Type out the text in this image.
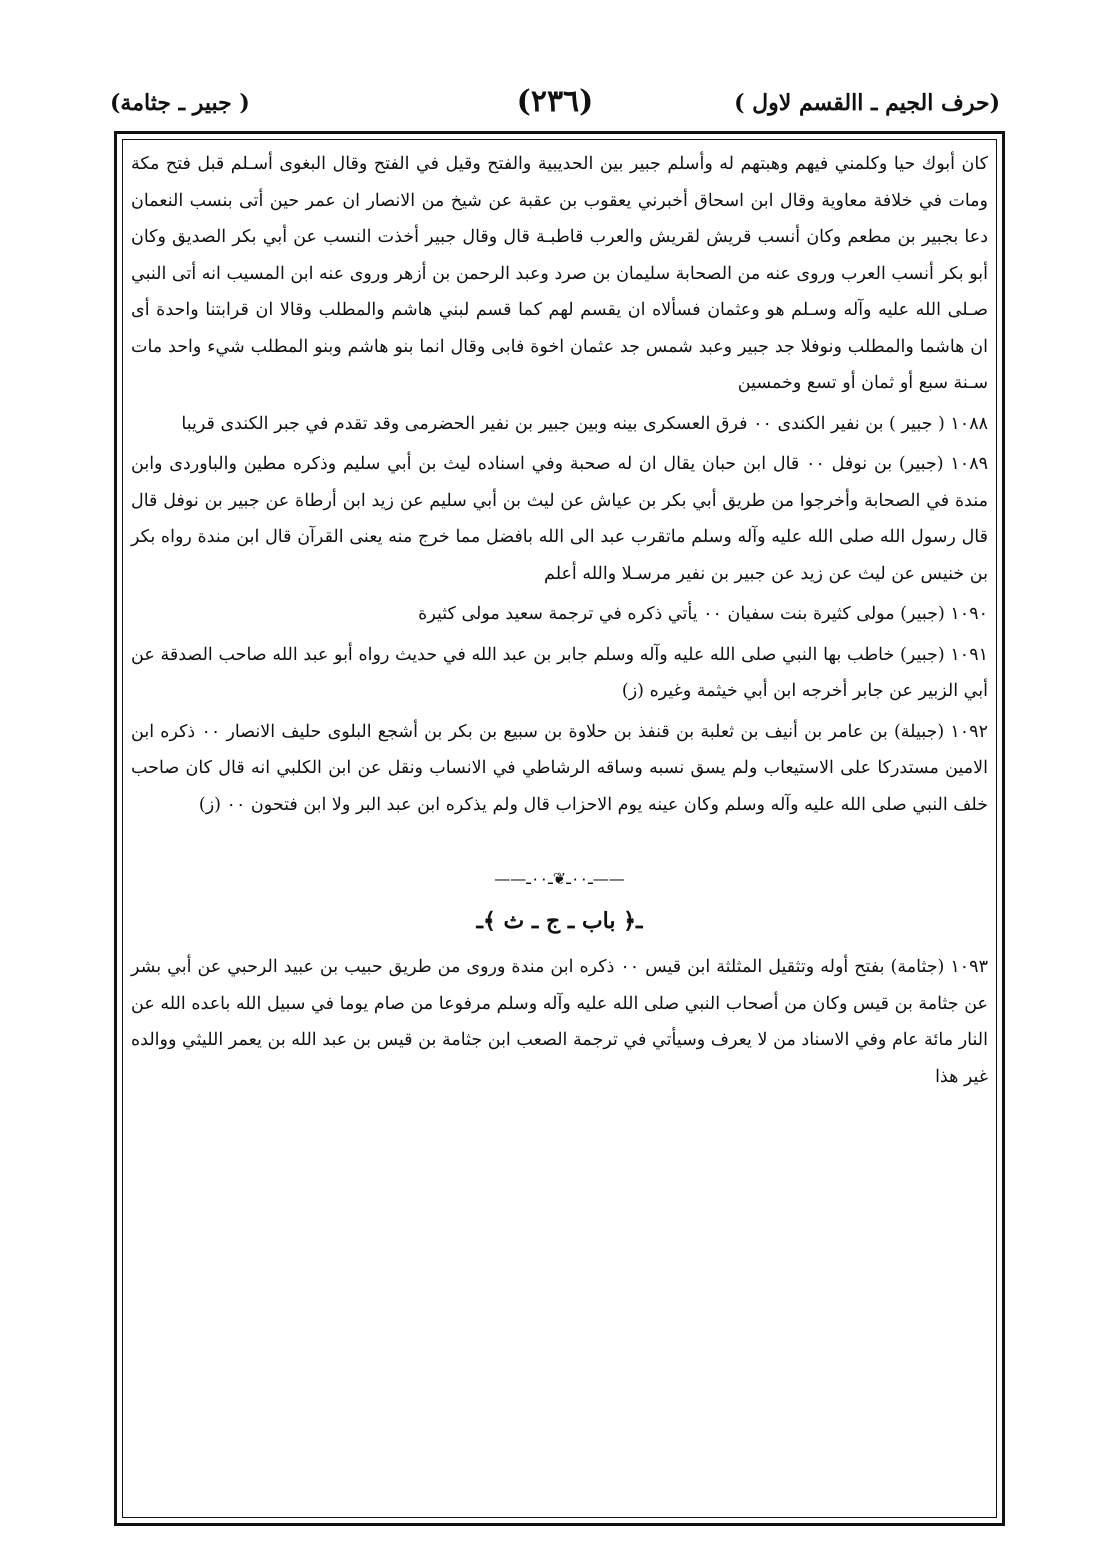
(حرف الجيم ـ االقسم لاول )
(٢٣٦)
( جبير ـ جثامة)

كان أبوك حيا وكلمني فيهم وهبتهم له وأسلم جبير بين الحديبية والفتح وقيل في الفتح وقال البغوى أسـلم قبل فتح مكة ومات في خلافة معاوية وقال ابن اسحاق أخبرني يعقوب بن عقبة عن شيخ من الانصار ان عمر حين أتى بنسب النعمان دعا بجبير بن مطعم وكان أنسب قريش لقريش والعرب قاطبـة قال وقال جبير أخذت النسب عن أبي بكر الصديق وكان أبو بكر أنسب العرب وروى عنه من الصحابة سليمان بن صرد وعبد الرحمن بن أزهر وروى عنه ابن المسيب انه أتى النبي صـلى الله عليه وآله وسـلم هو وعثمان فسألاه ان يقسم لهم كما قسم لبني هاشم والمطلب وقالا ان قرابتنا واحدة أى ان هاشما والمطلب ونوفلا جد جبير وعبد شمس جد عثمان اخوة فابى وقال انما بنو هاشم وبنو المطلب شيء واحد مات سـنة سبع أو ثمان أو تسع وخمسين

١٠٨٨ ( جبير ) بن نفير الكندى ٠٠ فرق العسكرى بينه وبين جبير بن نفير الحضرمى وقد تقدم في جبر الكندى قريبا

١٠٨٩ (جبير) بن نوفل ٠٠ قال ابن حبان يقال ان له صحبة وفي اسناده ليث بن أبي سليم وذكره مطين والباوردى وابن مندة في الصحابة وأخرجوا من طريق أبي بكر بن عياش عن ليث بن أبي سليم عن زيد ابن أرطاة عن جبير بن نوفل قال قال رسول الله صلى الله عليه وآله وسلم ماتقرب عبد الى الله بافضل مما خرج منه يعنى القرآن قال ابن مندة رواه بكر بن خنيس عن ليث عن زيد عن جبير بن نفير مرسـلا والله أعلم

١٠٩٠ (جبير) مولى كثيرة بنت سفيان ٠٠ يأتي ذكره في ترجمة سعيد مولى كثيرة

١٠٩١ (جبير) خاطب بها النبي صلى الله عليه وآله وسلم جابر بن عبد الله في حديث رواه أبو عبد الله صاحب الصدقة عن أبي الزبير عن جابر أخرجه ابن أبي خيثمة وغيره (ز)

١٠٩٢ (جبيلة) بن عامر بن أنيف بن ثعلبة بن قنفذ بن حلاوة بن سبيع بن بكر بن أشجع البلوى حليف الانصار ٠٠ ذكره ابن الامين مستدركا على الاستيعاب ولم يسق نسبه وساقه الرشاطي في الانساب ونقل عن ابن الكلبي انه قال كان صاحب خلف النبي صلى الله عليه وآله وسلم وكان عينه يوم الاحزاب قال ولم يذكره ابن عبد البر ولا ابن فتحون ٠٠ (ز)

——ـ٠٠ـ❦ـ٠٠ـ——
ـ﴿ باب ـ ج ـ ث ﴾ـ

١٠٩٣ (جثامة) بفتح أوله وتثقيل المثلثة ابن قيس ٠٠ ذكره ابن مندة وروى من طريق حبيب بن عبيد الرحبي عن أبي بشر عن جثامة بن قيس وكان من أصحاب النبي صلى الله عليه وآله وسلم مرفوعا من صام يوما في سبيل الله باعده الله عن النار مائة عام وفي الاسناد من لا يعرف وسيأتي في ترجمة الصعب ابن جثامة بن قيس بن عبد الله بن يعمر الليثي ووالده غير هذا
